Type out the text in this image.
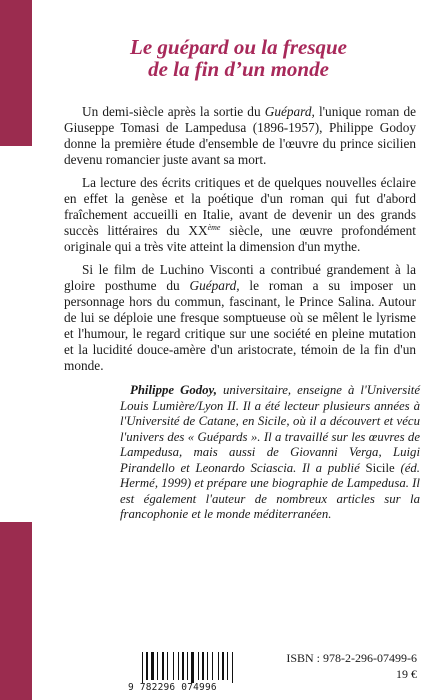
Le guépard ou la fresque
de la fin d’un monde

Un demi-siècle après la sortie du Guépard, l'unique roman de Giuseppe Tomasi de Lampedusa (1896-1957), Philippe Godoy donne la première étude d'ensemble de l'œuvre du prince sicilien devenu romancier juste avant sa mort.

La lecture des écrits critiques et de quelques nouvelles éclaire en effet la genèse et la poétique d'un roman qui fut d'abord fraîchement accueilli en Italie, avant de devenir un des grands succès littéraires du XXème siècle, une œuvre profondément originale qui a très vite atteint la dimension d'un mythe.

Si le film de Luchino Visconti a contribué grandement à la gloire posthume du Guépard, le roman a su imposer un personnage hors du commun, fascinant, le Prince Salina. Autour de lui se déploie une fresque somptueuse où se mêlent le lyrisme et l'humour, le regard critique sur une société en pleine mutation et la lucidité douce-amère d'un aristocrate, témoin de la fin d'un monde.

Philippe Godoy, universitaire, enseigne à l'Université Louis Lumière/Lyon II. Il a été lecteur plusieurs années à l'Université de Catane, en Sicile, où il a découvert et vécu l'univers des « Guépards ». Il a travaillé sur les œuvres de Lampedusa, mais aussi de Giovanni Verga, Luigi Pirandello et Leonardo Sciascia. Il a publié Sicile (éd. Hermé, 1999) et prépare une biographie de Lampedusa. Il est également l'auteur de nombreux articles sur la francophonie et le monde méditerranéen.

9 782296 074996
ISBN : 978-2-296-07499-6
19 €
